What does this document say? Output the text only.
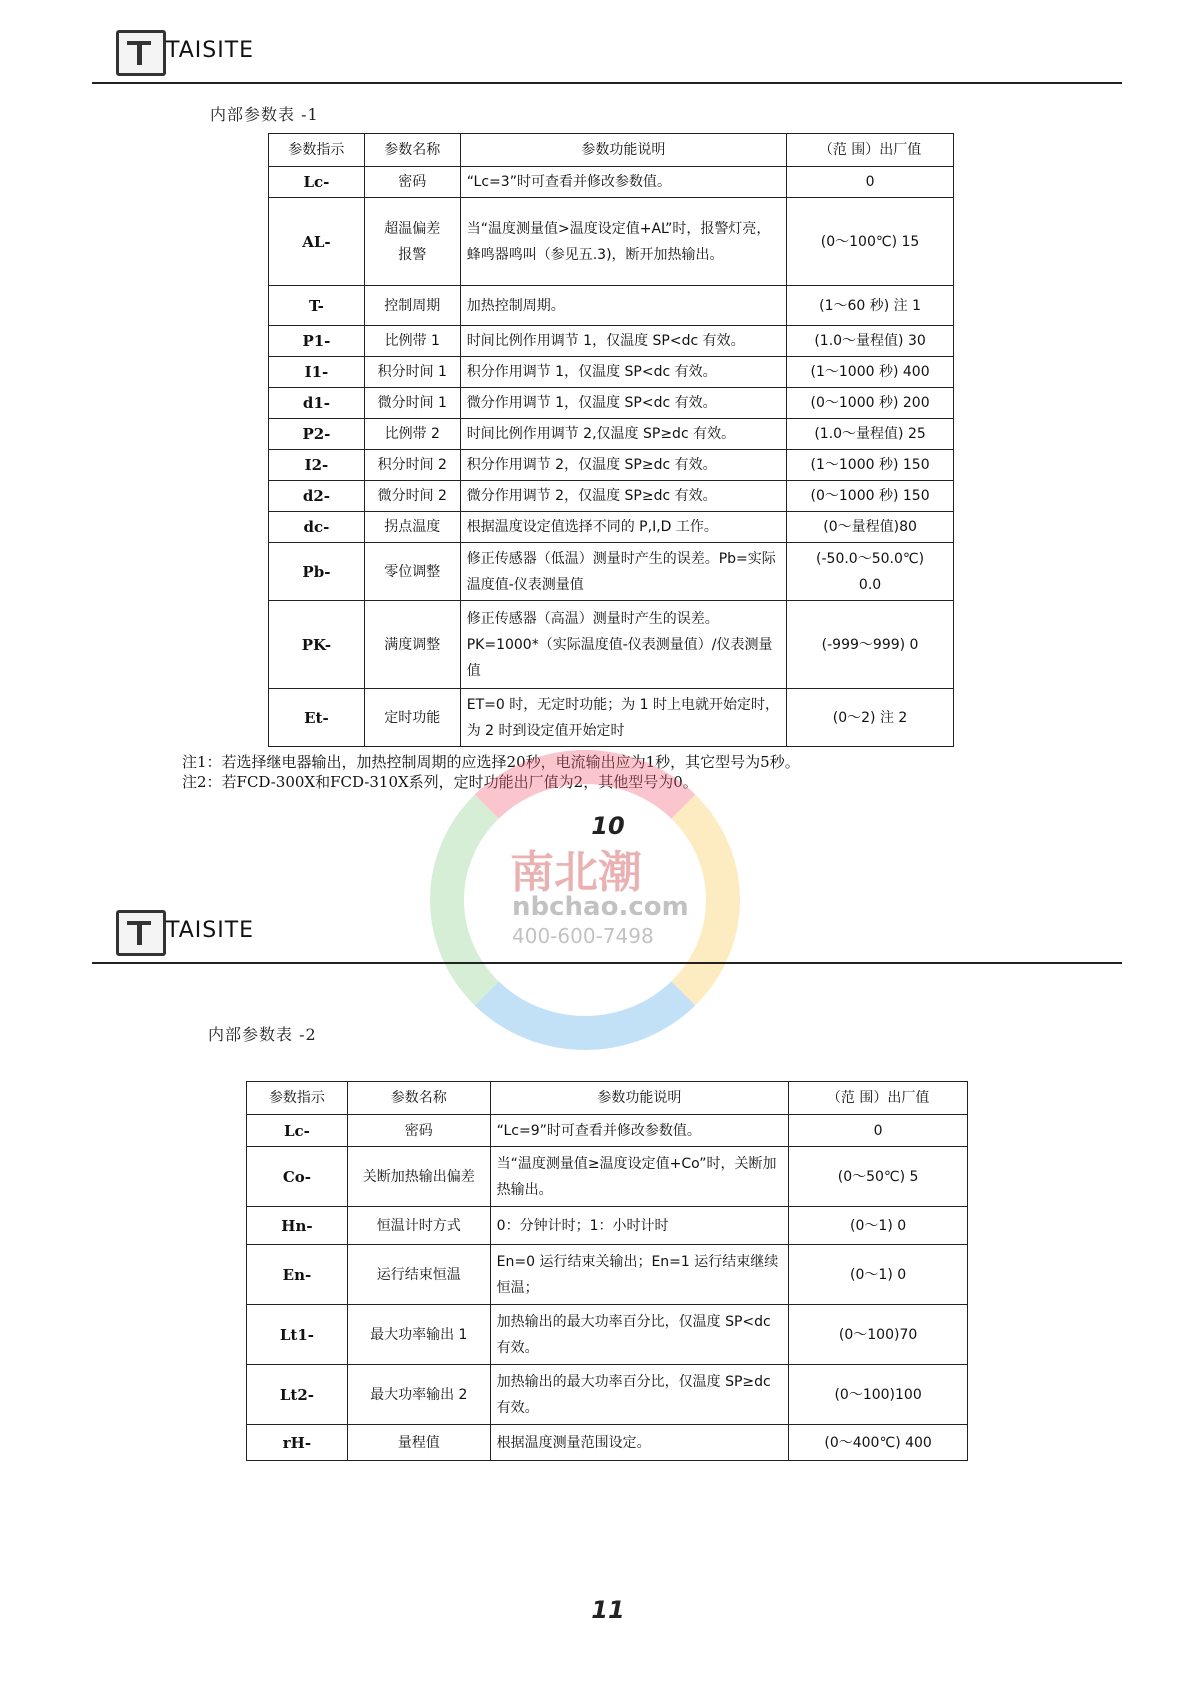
TAISITE
内部参数表 -1
参数指示	参数名称	参数功能说明	（范 围）出厂值
Lc-	密码	“Lc=3”时可查看并修改参数值。	0
AL-	超温偏差报警	当“温度测量值>温度设定值+AL”时，报警灯亮，蜂鸣器鸣叫（参见五.3)，断开加热输出。	(0～100℃) 15
T-	控制周期	加热控制周期。	(1～60 秒) 注 1
P1-	比例带 1	时间比例作用调节 1，仅温度 SP<dc 有效。	(1.0～量程值) 30
I1-	积分时间 1	积分作用调节 1，仅温度 SP<dc 有效。	(1～1000 秒) 400
d1-	微分时间 1	微分作用调节 1，仅温度 SP<dc 有效。	(0～1000 秒) 200
P2-	比例带 2	时间比例作用调节 2,仅温度 SP≥dc 有效。	(1.0～量程值) 25
I2-	积分时间 2	积分作用调节 2，仅温度 SP≥dc 有效。	(1～1000 秒) 150
d2-	微分时间 2	微分作用调节 2，仅温度 SP≥dc 有效。	(0～1000 秒) 150
dc-	拐点温度	根据温度设定值选择不同的 P,I,D 工作。	(0～量程值)80
Pb-	零位调整	修正传感器（低温）测量时产生的误差。Pb=实际温度值-仪表测量值	(-50.0～50.0℃) 0.0
PK-	满度调整	修正传感器（高温）测量时产生的误差。PK=1000*（实际温度值-仪表测量值）/仪表测量值	(-999～999) 0
Et-	定时功能	ET=0 时，无定时功能；为 1 时上电就开始定时，为 2 时到设定值开始定时	(0～2) 注 2
注1：若选择继电器输出，加热控制周期的应选择20秒，电流输出应为1秒，其它型号为5秒。
注2：若FCD-300X和FCD-310X系列，定时功能出厂值为2，其他型号为0。
南北潮
nbchao.com
400-600-7498
10
TAISITE
内部参数表 -2
参数指示	参数名称	参数功能说明	（范 围）出厂值
Lc-	密码	“Lc=9”时可查看并修改参数值。	0
Co-	关断加热输出偏差	当“温度测量值≥温度设定值+Co”时，关断加热输出。	(0～50℃) 5
Hn-	恒温计时方式	0：分钟计时；1：小时计时	(0～1) 0
En-	运行结束恒温	En=0 运行结束关输出；En=1 运行结束继续恒温；	(0～1) 0
Lt1-	最大功率输出 1	加热输出的最大功率百分比，仅温度 SP<dc 有效。	(0～100)70
Lt2-	最大功率输出 2	加热输出的最大功率百分比，仅温度 SP≥dc 有效。	(0～100)100
rH-	量程值	根据温度测量范围设定。	(0～400℃) 400
11
